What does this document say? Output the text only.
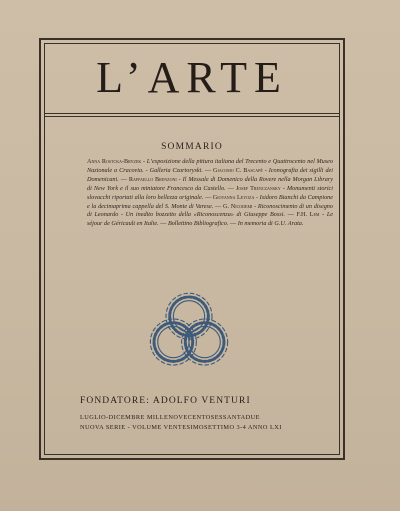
L’ARTE
SOMMARIO
Anna Rostcka-Bryzek - L’esposizione della pittura italiana del Trecento e Quattrocento nel Museo Nazionale a Cracovia. - Galleria Czartoryski. — Giacomo C. Bascapè - Iconografia dei sigilli dei Domenicani. — Raffaello Brenzoni - Il Messale di Domenico della Rovere nella Morgan Library di New York e il suo miniatore Francesco da Castello. — Josef Trenczansky - Monumenti storici slovacchi riportati alla loro bellezza originale. — Giovanna Leyoza - Isidoro Bianchi da Campione e la decimaprima cappella del S. Monte di Varese. — G. Nicodemi - Riconoscimento di un disegno di Leonardo - Un inedito bozzetto della «Riconoscenza» di Giuseppe Bossi. — F.H. Lem - Le séjour de Géricault en Italie. — Bollettino Bibliografico. — In memoria di G.U. Arata.
FONDATORE: ADOLFO VENTURI
LUGLIO-DICEMBRE MILLENOVECENTOSESSANTADUE
NUOVA SERIE - VOLUME VENTESIMOSETTIMO 3-4 ANNO LXI
